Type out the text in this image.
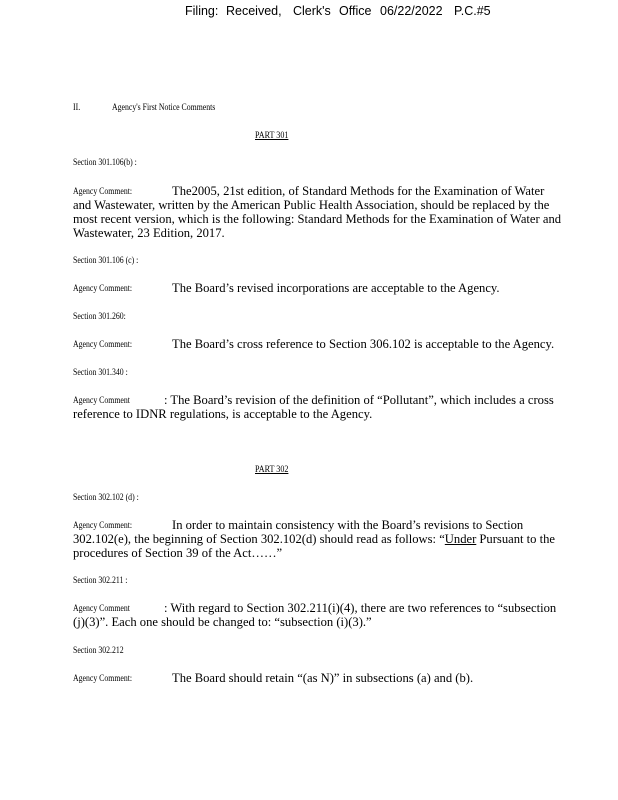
Filing: Received, Clerk's Office 06/22/2022 P.C.#5
II.	Agency's First Notice Comments
PART 301
Section 301.106(b) :
Agency Comment:	The2005, 21st edition, of Standard Methods for the Examination of Water
and Wastewater, written by the American Public Health Association, should be replaced by the
most recent version, which is the following: Standard Methods for the Examination of Water and
Wastewater, 23 Edition, 2017.
Section 301.106 (c) :
Agency Comment:	The Board’s revised incorporations are acceptable to the Agency.
Section 301.260:
Agency Comment:	The Board’s cross reference to Section 306.102 is acceptable to the Agency.
Section 301.340 :
Agency Comment	: The Board’s revision of the definition of “Pollutant”, which includes a cross
reference to IDNR regulations, is acceptable to the Agency.
PART 302
Section 302.102 (d) :
Agency Comment:	In order to maintain consistency with the Board’s revisions to Section
302.102(e), the beginning of Section 302.102(d) should read as follows: “Under Pursuant to the
procedures of Section 39 of the Act……”
Section 302.211 :
Agency Comment	: With regard to Section 302.211(i)(4), there are two references to “subsection
(j)(3)”. Each one should be changed to: “subsection (i)(3).”
Section 302.212
Agency Comment:	The Board should retain “(as N)” in subsections (a) and (b).
